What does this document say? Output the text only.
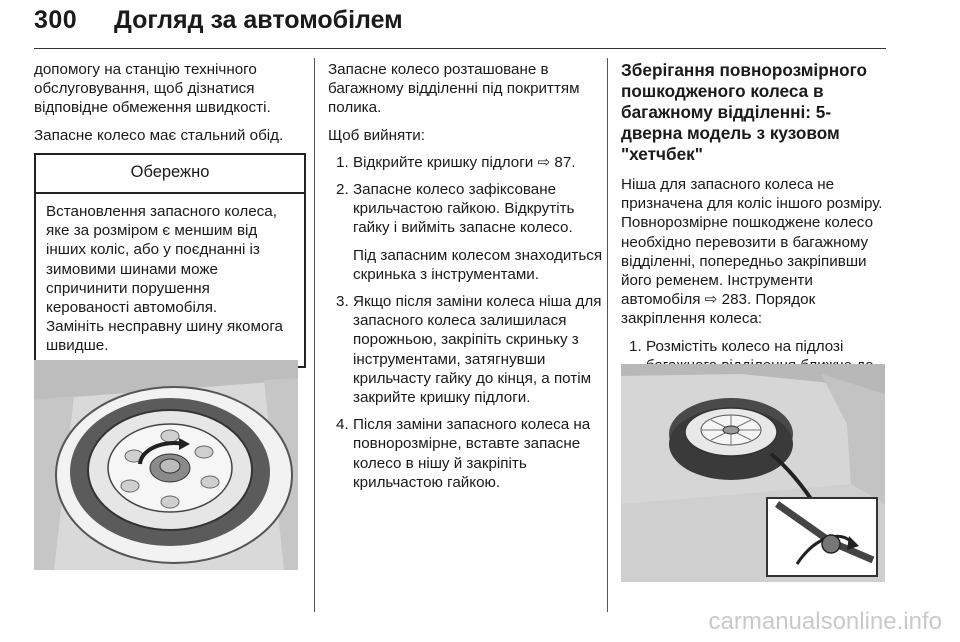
300 Догляд за автомобілем

допомогу на станцію технічного обслуговування, щоб дізнатися відповідне обмеження швидкості.

Запасне колесо має стальний обід.

Обережно

Встановлення запасного колеса, яке за розміром є меншим від інших коліс, або у поєднанні із зимовими шинами може спричинити порушення керованості автомобіля.

Замініть несправну шину якомога швидше.

Запасне колесо розташоване в багажному відділенні під покриттям полика.

Щоб вийняти:

1. Відкрийте кришку підлоги ⇨ 87.
2. Запасне колесо зафіксоване крильчастою гайкою. Відкрутіть гайку і вийміть запасне колесо.
Під запасним колесом знаходиться скринька з інструментами.
3. Якщо після заміни колеса ніша для запасного колеса залишилася порожньою, закріпіть скриньку з інструментами, затягнувши крильчасту гайку до кінця, а потім закрийте кришку підлоги.
4. Після заміни запасного колеса на повнорозмірне, вставте запасне колесо в нішу й закріпіть крильчастою гайкою.
Зберігання повнорозмірного пошкодженого колеса в багажному відділенні: 5-дверна модель з кузовом "хетчбек"

Ніша для запасного колеса не призначена для коліс іншого розміру. Повнорозмірне пошкоджене колесо необхідно перевозити в багажному відділенні, попередньо закріпивши його ременем. Інструменти автомобіля ⇨ 283. Порядок закріплення колеса:

1. Розмістіть колесо на підлозі
carmanualsonline.info
